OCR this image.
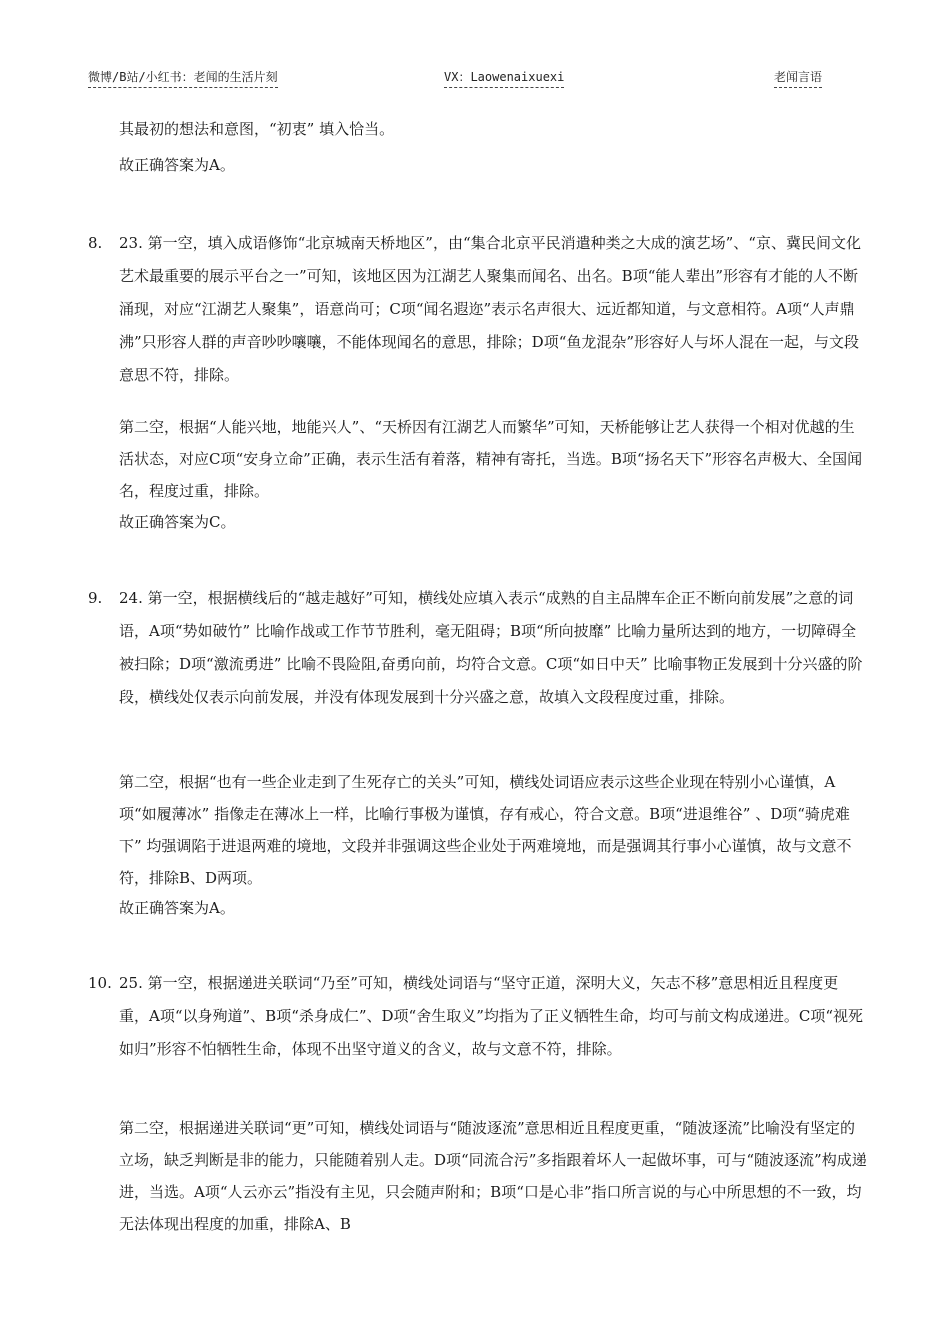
微博/B站/小红书：老闻的生活片刻	VX：Laowenaixuexi	老闻言语

其最初的想法和意图，“初衷” 填入恰当。

故正确答案为A。
8. 23. 第一空，填入成语修饰“北京城南天桥地区”，由“集合北京平民消遣种类之大成的演艺场”、“京、冀民间文化艺术最重要的展示平台之一”可知，该地区因为江湖艺人聚集而闻名、出名。B项“能人辈出”形容有才能的人不断涌现，对应“江湖艺人聚集”，语意尚可；C项“闻名遐迩”表示名声很大、远近都知道，与文意相符。A项“人声鼎沸”只形容人群的声音吵吵嚷嚷，不能体现闻名的意思，排除；D项“鱼龙混杂”形容好人与坏人混在一起，与文段意思不符，排除。

第二空，根据“人能兴地，地能兴人”、“天桥因有江湖艺人而繁华”可知，天桥能够让艺人获得一个相对优越的生活状态，对应C项“安身立命”正确，表示生活有着落，精神有寄托，当选。B项“扬名天下”形容名声极大、全国闻名，程度过重，排除。

故正确答案为C。
9. 24. 第一空，根据横线后的“越走越好”可知，横线处应填入表示“成熟的自主品牌车企正不断向前发展”之意的词语，A项“势如破竹” 比喻作战或工作节节胜利，毫无阻碍；B项“所向披靡” 比喻力量所达到的地方，一切障碍全被扫除；D项“激流勇进” 比喻不畏险阻,奋勇向前，均符合文意。C项“如日中天” 比喻事物正发展到十分兴盛的阶段，横线处仅表示向前发展，并没有体现发展到十分兴盛之意，故填入文段程度过重，排除。

第二空，根据“也有一些企业走到了生死存亡的关头”可知，横线处词语应表示这些企业现在特别小心谨慎，A项“如履薄冰” 指像走在薄冰上一样，比喻行事极为谨慎，存有戒心，符合文意。B项“进退维谷” 、D项“骑虎难下” 均强调陷于进退两难的境地，文段并非强调这些企业处于两难境地，而是强调其行事小心谨慎，故与文意不符，排除B、D两项。

故正确答案为A。
10. 25. 第一空，根据递进关联词“乃至”可知，横线处词语与“坚守正道，深明大义，矢志不移”意思相近且程度更重，A项“以身殉道”、B项“杀身成仁”、D项“舍生取义”均指为了正义牺牲生命，均可与前文构成递进。C项“视死如归”形容不怕牺牲生命，体现不出坚守道义的含义，故与文意不符，排除。

第二空，根据递进关联词“更”可知，横线处词语与“随波逐流”意思相近且程度更重，“随波逐流”比喻没有坚定的立场，缺乏判断是非的能力，只能随着别人走。D项“同流合污”多指跟着坏人一起做坏事，可与“随波逐流”构成递进，当选。A项“人云亦云”指没有主见，只会随声附和；B项“口是心非”指口所言说的与心中所思想的不一致，均无法体现出程度的加重，排除A、B
